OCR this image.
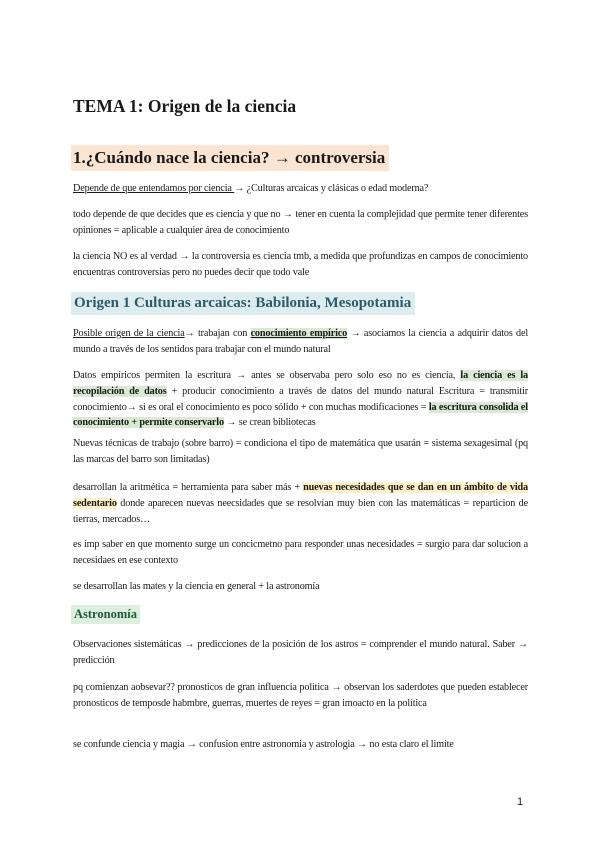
TEMA 1: Origen de la ciencia
1.¿Cuándo nace la ciencia? → controversia
Depende de que entendamos por ciencia → ¿Culturas arcaicas y clásicas o edad moderna?
todo depende de que decides que es ciencia y que no → tener en cuenta la complejidad que permite tener diferentes opiniones = aplicable a cualquier área de conocimiento
la ciencia NO es al verdad → la controversia es ciencia tmb, a medida que profundizas en campos de conocimiento encuentras controversias pero no puedes decir que todo vale
Origen 1 Culturas arcaicas: Babilonia, Mesopotamia
Posible origen de la ciencia→ trabajan con conocimiento empírico → asociamos la ciencia a adquirir datos del mundo a través de los sentidos para trabajar con el mundo natural
Datos empíricos permiten la escritura → antes se observaba pero solo eso no es ciencia, la ciencia es la recopilación de datos + producir conocimiento a través de datos del mundo natural Escritura = transmitir conocimiento→ si es oral el conocimiento es poco sólido + con muchas modificaciones = la escritura consolida el conocimiento + permite conservarlo → se crean bibliotecas
Nuevas técnicas de trabajo (sobre barro) = condiciona el tipo de matemática que usarán = sistema sexagesimal (pq las marcas del barro son limitadas)
desarrollan la aritmética = herramienta para saber más + nuevas necesidades que se dan en un ámbito de vida sedentario donde aparecen nuevas neecsidades que se resolvían muy bien con las matemáticas = reparticion de tierras, mercados…
es imp saber en que momento surge un concicmetno para responder unas necesidades = surgio para dar solucion a necesidaes en ese contexto
se desarrollan las mates y la ciencia en general + la astronomía
Astronomía
Observaciones sistemáticas → predicciones de la posición de los astros = comprender el mundo natural. Saber → predicción
pq comienzan aobsevar?? pronosticos de gran influencia politica → observan los saderdotes que pueden establecer pronosticos de temposde habmbre, guerras, muertes de reyes = gran imoacto en la política
se confunde ciencia y magia → confusion entre astronomia y astrologia → no esta claro el limite
1
